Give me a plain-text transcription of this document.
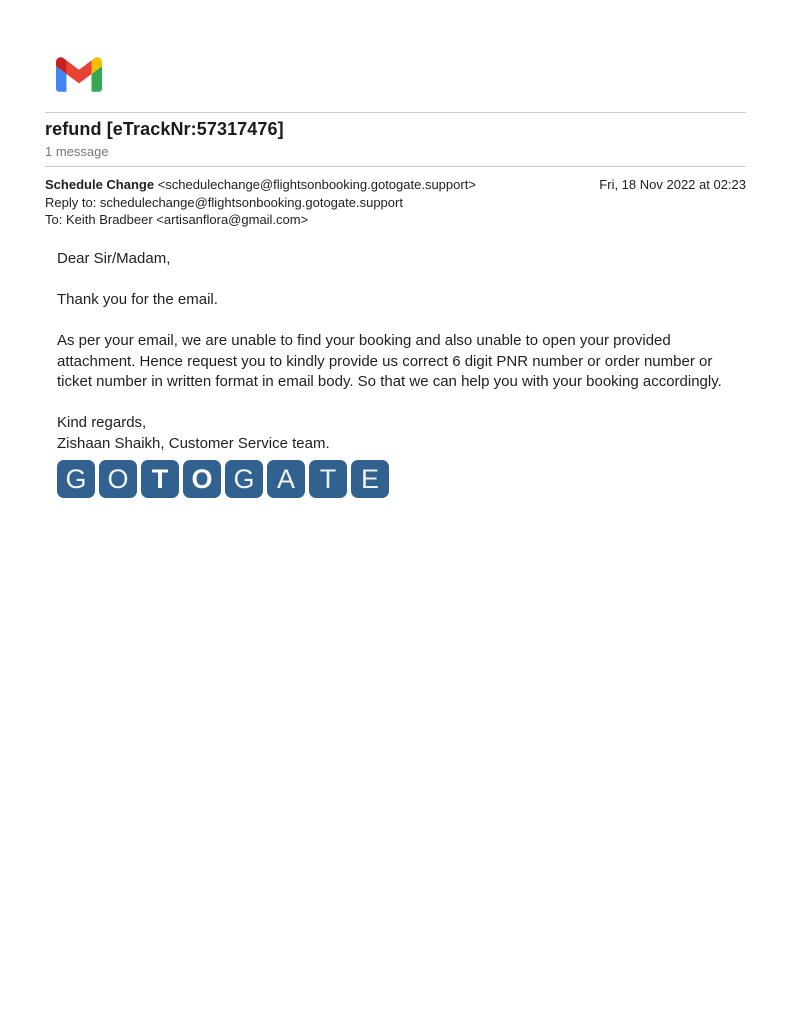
refund [eTrackNr:57317476]
1 message
Schedule Change <schedulechange@flightsonbooking.gotogate.support>	Fri, 18 Nov 2022 at 02:23
Reply to: schedulechange@flightsonbooking.gotogate.support
To: Keith Bradbeer <artisanflora@gmail.com>

Dear Sir/Madam,

Thank you for the email.

As per your email, we are unable to find your booking and also unable to open your provided attachment. Hence request you to kindly provide us correct 6 digit PNR number or order number or ticket number in written format in email body. So that we can help you with your booking accordingly.

Kind regards,

Zishaan Shaikh, Customer Service team.

G O T O G A T E
